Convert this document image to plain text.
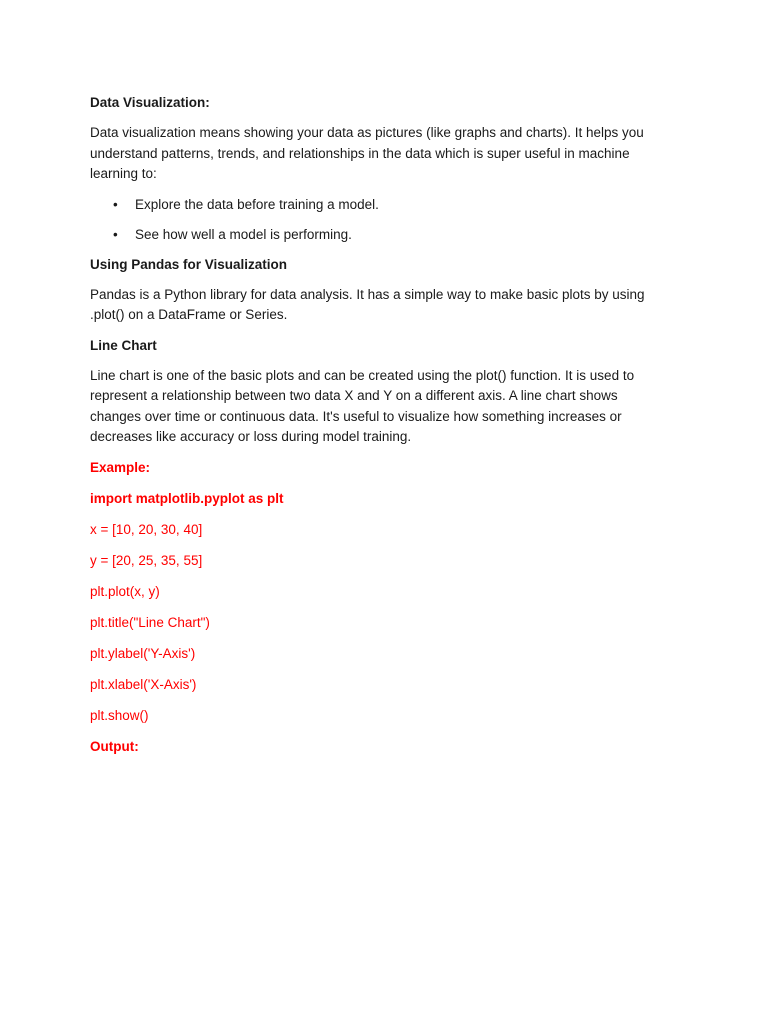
Data Visualization:
Data visualization means showing your data as pictures (like graphs and charts). It helps you understand patterns, trends, and relationships in the data which is super useful in machine learning to:
• Explore the data before training a model.
• See how well a model is performing.
Using Pandas for Visualization
Pandas is a Python library for data analysis. It has a simple way to make basic plots by using .plot() on a DataFrame or Series.
Line Chart
Line chart is one of the basic plots and can be created using the plot() function. It is used to represent a relationship between two data X and Y on a different axis. A line chart shows changes over time or continuous data. It's useful to visualize how something increases or decreases like accuracy or loss during model training.
Example:
import matplotlib.pyplot as plt
x = [10, 20, 30, 40]
y = [20, 25, 35, 55]
plt.plot(x, y)
plt.title("Line Chart")
plt.ylabel('Y-Axis')
plt.xlabel('X-Axis')
plt.show()
Output:
